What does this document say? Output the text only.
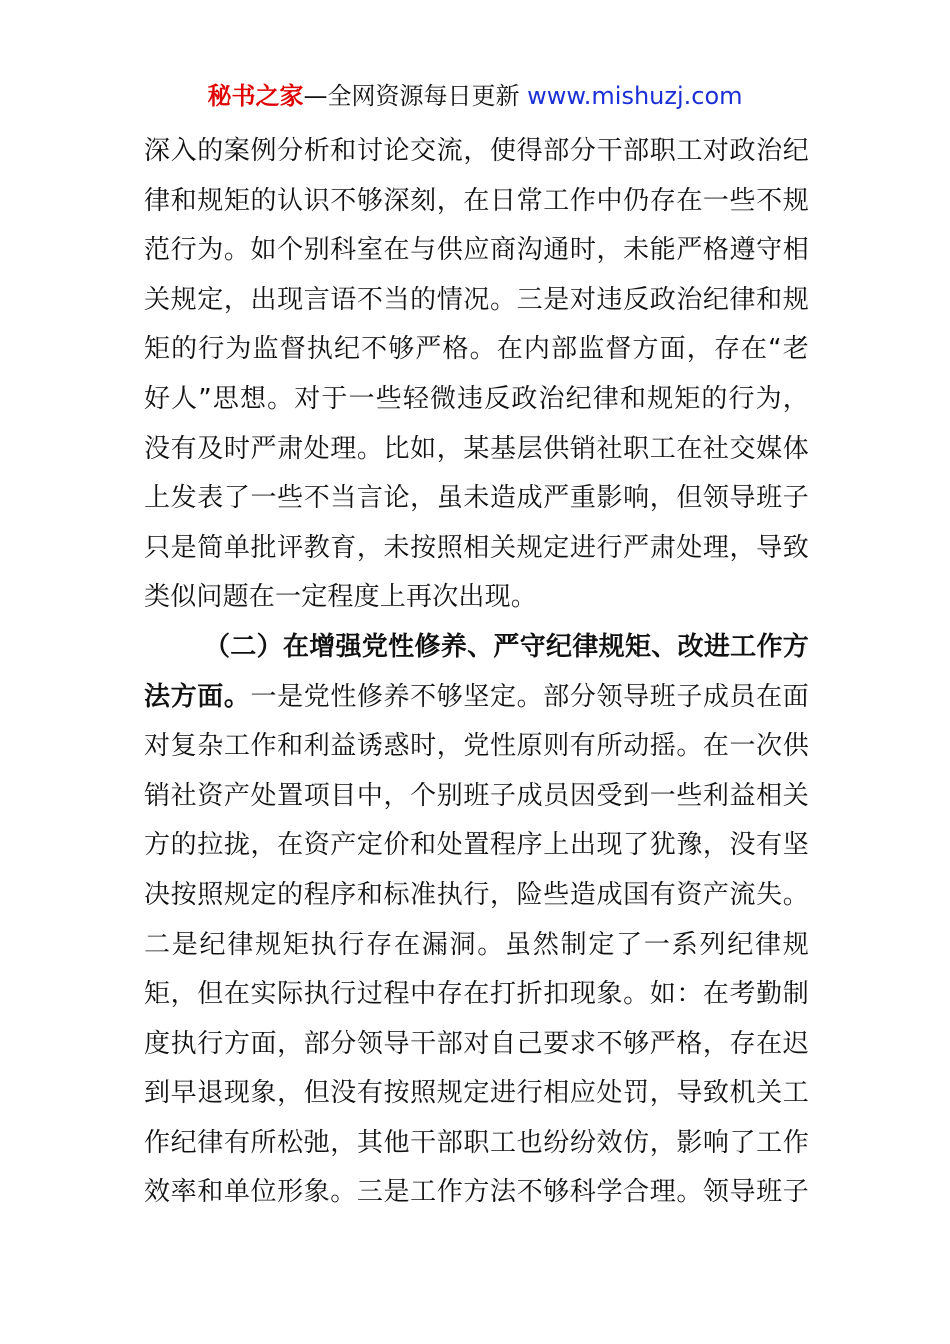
秘书之家—全网资源每日更新 www.mishuzj.com
深入的案例分析和讨论交流，使得部分干部职工对政治纪
律和规矩的认识不够深刻，在日常工作中仍存在一些不规
范行为。如个别科室在与供应商沟通时，未能严格遵守相
关规定，出现言语不当的情况。三是对违反政治纪律和规
矩的行为监督执纪不够严格。在内部监督方面，存在“老
好人”思想。对于一些轻微违反政治纪律和规矩的行为，
没有及时严肃处理。比如，某基层供销社职工在社交媒体
上发表了一些不当言论，虽未造成严重影响，但领导班子
只是简单批评教育，未按照相关规定进行严肃处理，导致
类似问题在一定程度上再次出现。
（二）在增强党性修养、严守纪律规矩、改进工作方
法方面。一是党性修养不够坚定。部分领导班子成员在面
对复杂工作和利益诱惑时，党性原则有所动摇。在一次供
销社资产处置项目中，个别班子成员因受到一些利益相关
方的拉拢，在资产定价和处置程序上出现了犹豫，没有坚
决按照规定的程序和标准执行，险些造成国有资产流失。
二是纪律规矩执行存在漏洞。虽然制定了一系列纪律规
矩，但在实际执行过程中存在打折扣现象。如：在考勤制
度执行方面，部分领导干部对自己要求不够严格，存在迟
到早退现象，但没有按照规定进行相应处罚，导致机关工
作纪律有所松弛，其他干部职工也纷纷效仿，影响了工作
效率和单位形象。三是工作方法不够科学合理。领导班子
